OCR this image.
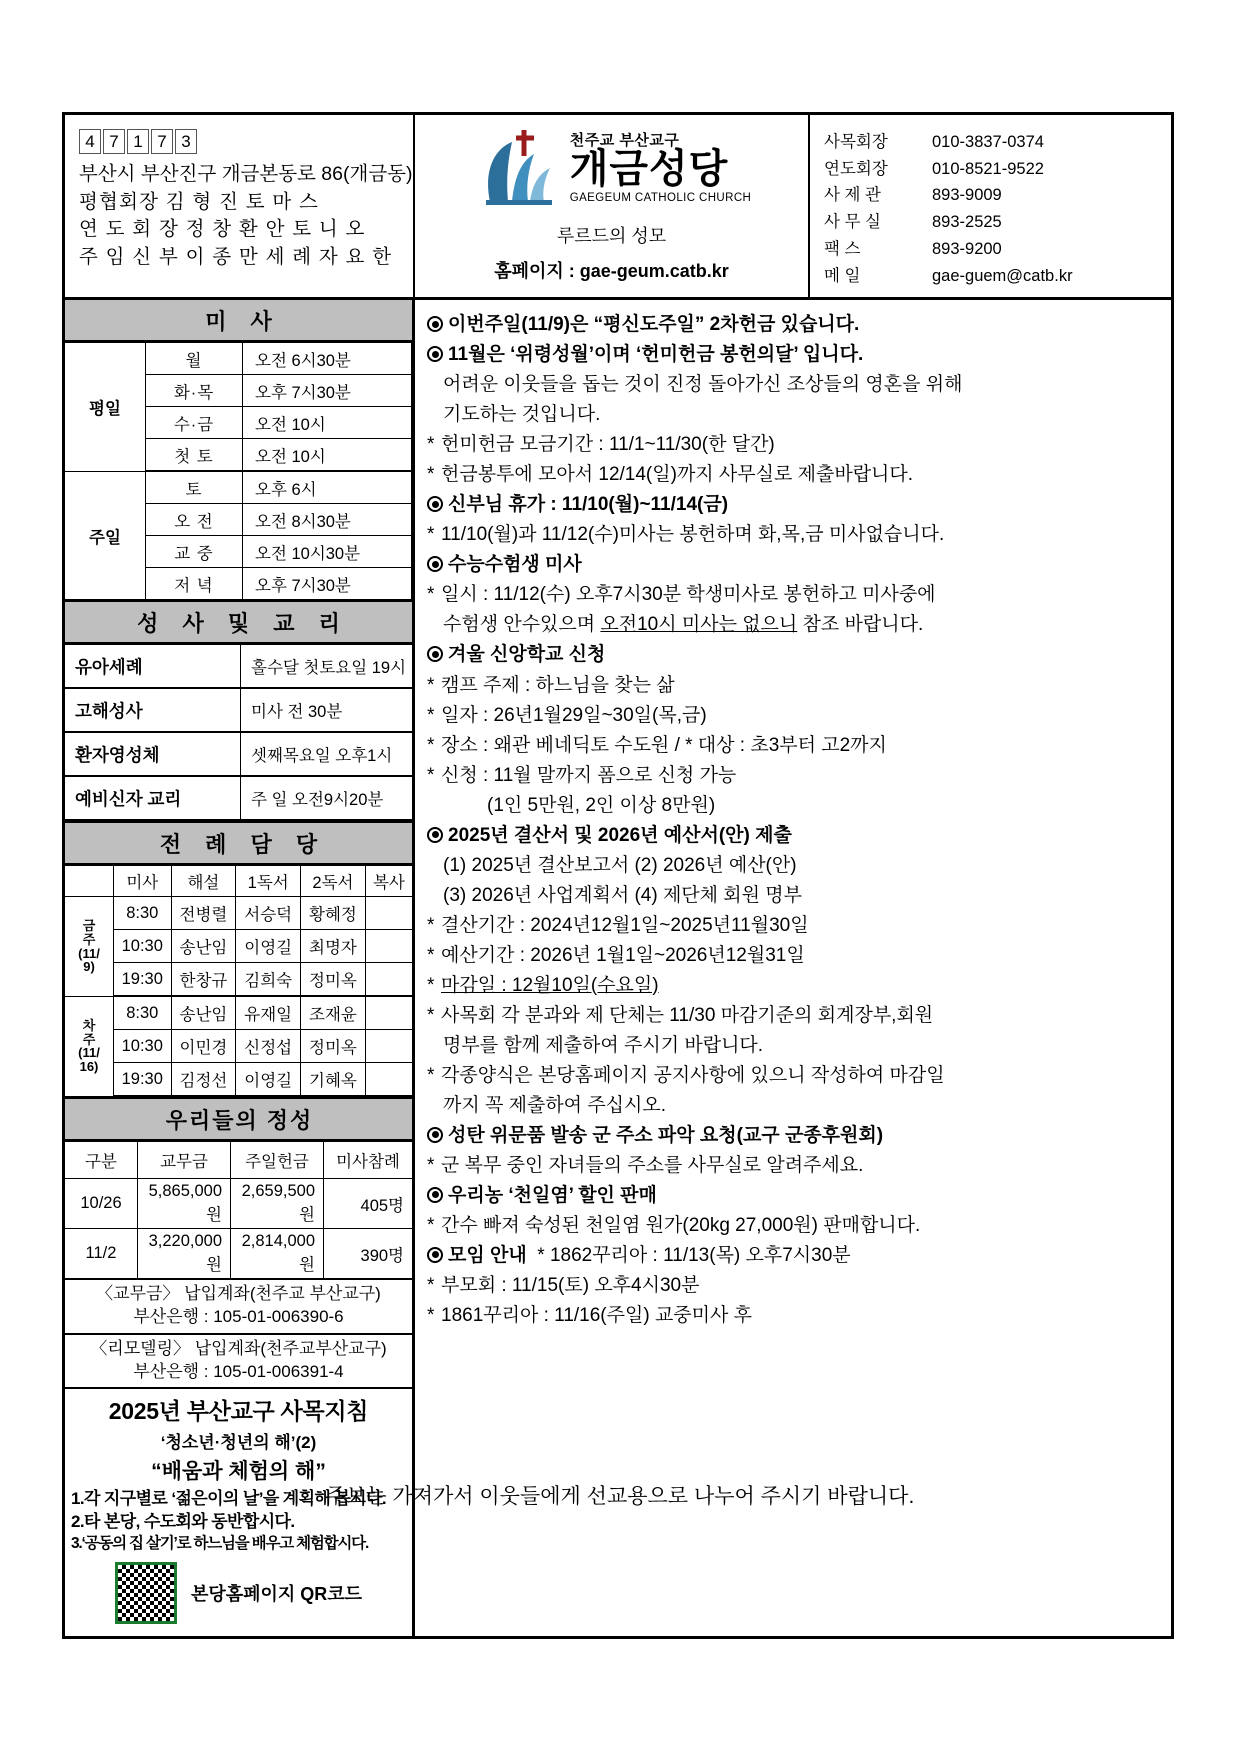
4 7 1 7 3
부산시 부산진구 개금본동로 86(개금동)
평협회장 김 형 진 토 마 스
연 도 회 장 정 창 환 안 토 니 오
주 임 신 부 이 종 만 세 례 자 요 한
천주교 부산교구
개금성당
GAEGEUM CATHOLIC CHURCH
루르드의 성모
홈페이지 : gae-geum.catb.kr
사목회장	010-3837-0374
연도회장	010-8521-9522
사 제 관	893-9009
사 무 실	893-2525
팩 스	893-9200
메 일	gae-guem@catb.kr
미 사
평일	월	오전 6시30분
	화·목	오후 7시30분
	수·금	오전 10시
	첫 토	오전 10시
주일	토	오후 6시
	오 전	오전 8시30분
	교 중	오전 10시30분
	저 녁	오후 7시30분
성 사 및 교 리
유아세례	홀수달 첫토요일 19시
고해성사	미사 전 30분
환자영성체	셋째목요일 오후1시
예비신자 교리	주 일 오전9시20분
전 례 담 당
	미사	해설	1독서	2독서	복사
금
주
(11/
9)	8:30	전병렬	서승덕	황혜정	
	10:30	송난임	이영길	최명자	
	19:30	한창규	김희숙	정미옥	
차
주
(11/
16)	8:30	송난임	유재일	조재윤	
	10:30	이민경	신정섭	정미옥	
	19:30	김정선	이영길	기혜옥	
우리들의 정성
구분	교무금	주일헌금	미사참례
10/26	5,865,000원	2,659,500원	405명
11/2	3,220,000원	2,814,000원	390명
〈교무금〉 납입계좌(천주교 부산교구)
부산은행 : 105-01-006390-6
〈리모델링〉 납입계좌(천주교부산교구)
부산은행 : 105-01-006391-4
2025년 부산교구 사목지침
‘청소년·청년의 해’(2)
“배움과 체험의 해”
1.각 지구별로 ‘젊은이의 날’을 계획해 봅시다.
2.타 본당, 수도회와 동반합시다.
3.‘공동의 집 살기’로 하느님을 배우고 체험합시다.
본당홈페이지 QR코드
이번주일(11/9)은 “평신도주일” 2차헌금 있습니다.
11월은 ‘위령성월’이며 ‘헌미헌금 봉헌의달’ 입니다.
어려운 이웃들을 돕는 것이 진정 돌아가신 조상들의 영혼을 위해
기도하는 것입니다.
* 헌미헌금 모금기간 : 11/1~11/30(한 달간)
* 헌금봉투에 모아서 12/14(일)까지 사무실로 제출바랍니다.
신부님 휴가 : 11/10(월)~11/14(금)
* 11/10(월)과 11/12(수)미사는 봉헌하며 화,목,금 미사없습니다.
수능수험생 미사
* 일시 : 11/12(수) 오후7시30분 학생미사로 봉헌하고 미사중에
수험생 안수있으며 오전10시 미사는 없으니 참조 바랍니다.
겨울 신앙학교 신청
* 캠프 주제 : 하느님을 찾는 삶
* 일자 : 26년1월29일~30일(목,금)
* 장소 : 왜관 베네딕토 수도원 / * 대상 : 초3부터 고2까지
* 신청 : 11월 말까지 폼으로 신청 가능
(1인 5만원, 2인 이상 8만원)
2025년 결산서 및 2026년 예산서(안) 제출
(1) 2025년 결산보고서 (2) 2026년 예산(안)
(3) 2026년 사업계획서 (4) 제단체 회원 명부
* 결산기간 : 2024년12월1일~2025년11월30일
* 예산기간 : 2026년 1월1일~2026년12월31일
* 마감일 : 12월10일(수요일)
* 사목회 각 분과와 제 단체는 11/30 마감기준의 회계장부,회원
명부를 함께 제출하여 주시기 바랍니다.
* 각종양식은 본당홈페이지 공지사항에 있으니 작성하여 마감일
까지 꼭 제출하여 주십시오.
성탄 위문품 발송 군 주소 파악 요청(교구 군종후원회)
* 군 복무 중인 자녀들의 주소를 사무실로 알려주세요.
우리농 ‘천일염’ 할인 판매
* 간수 빠져 숙성된 천일염 원가(20kg 27,000원) 판매합니다.
모임 안내 * 1862꾸리아 : 11/13(목) 오후7시30분
* 부모회 : 11/15(토) 오후4시30분
* 1861꾸리아 : 11/16(주일) 교중미사 후
주보는 가져가서 이웃들에게 선교용으로 나누어 주시기 바랍니다.
